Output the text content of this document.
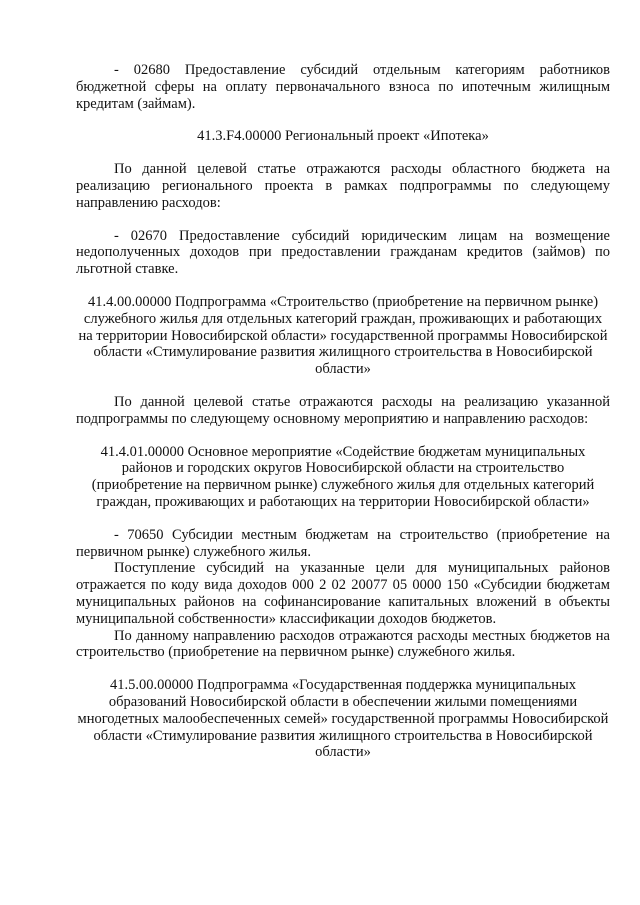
- 02680 Предоставление субсидий отдельным категориям работников бюджетной сферы на оплату первоначального взноса по ипотечным жилищным кредитам (займам).

41.3.F4.00000 Региональный проект «Ипотека»

По данной целевой статье отражаются расходы областного бюджета на реализацию регионального проекта в рамках подпрограммы по следующему направлению расходов:

- 02670 Предоставление субсидий юридическим лицам на возмещение недополученных доходов при предоставлении гражданам кредитов (займов) по льготной ставке.

41.4.00.00000 Подпрограмма «Строительство (приобретение на первичном рынке) служебного жилья для отдельных категорий граждан, проживающих и работающих на территории Новосибирской области» государственной программы Новосибирской области «Стимулирование развития жилищного строительства в Новосибирской области»

По данной целевой статье отражаются расходы на реализацию указанной подпрограммы по следующему основному мероприятию и направлению расходов:

41.4.01.00000 Основное мероприятие «Содействие бюджетам муниципальных районов и городских округов Новосибирской области на строительство (приобретение на первичном рынке) служебного жилья для отдельных категорий граждан, проживающих и работающих на территории Новосибирской области»

- 70650 Субсидии местным бюджетам на строительство (приобретение на первичном рынке) служебного жилья.

Поступление субсидий на указанные цели для муниципальных районов отражается по коду вида доходов 000 2 02 20077 05 0000 150 «Субсидии бюджетам муниципальных районов на софинансирование капитальных вложений в объекты муниципальной собственности» классификации доходов бюджетов.

По данному направлению расходов отражаются расходы местных бюджетов на строительство (приобретение на первичном рынке) служебного жилья.

41.5.00.00000 Подпрограмма «Государственная поддержка муниципальных образований Новосибирской области в обеспечении жилыми помещениями многодетных малообеспеченных семей» государственной программы Новосибирской области «Стимулирование развития жилищного строительства в Новосибирской области»
